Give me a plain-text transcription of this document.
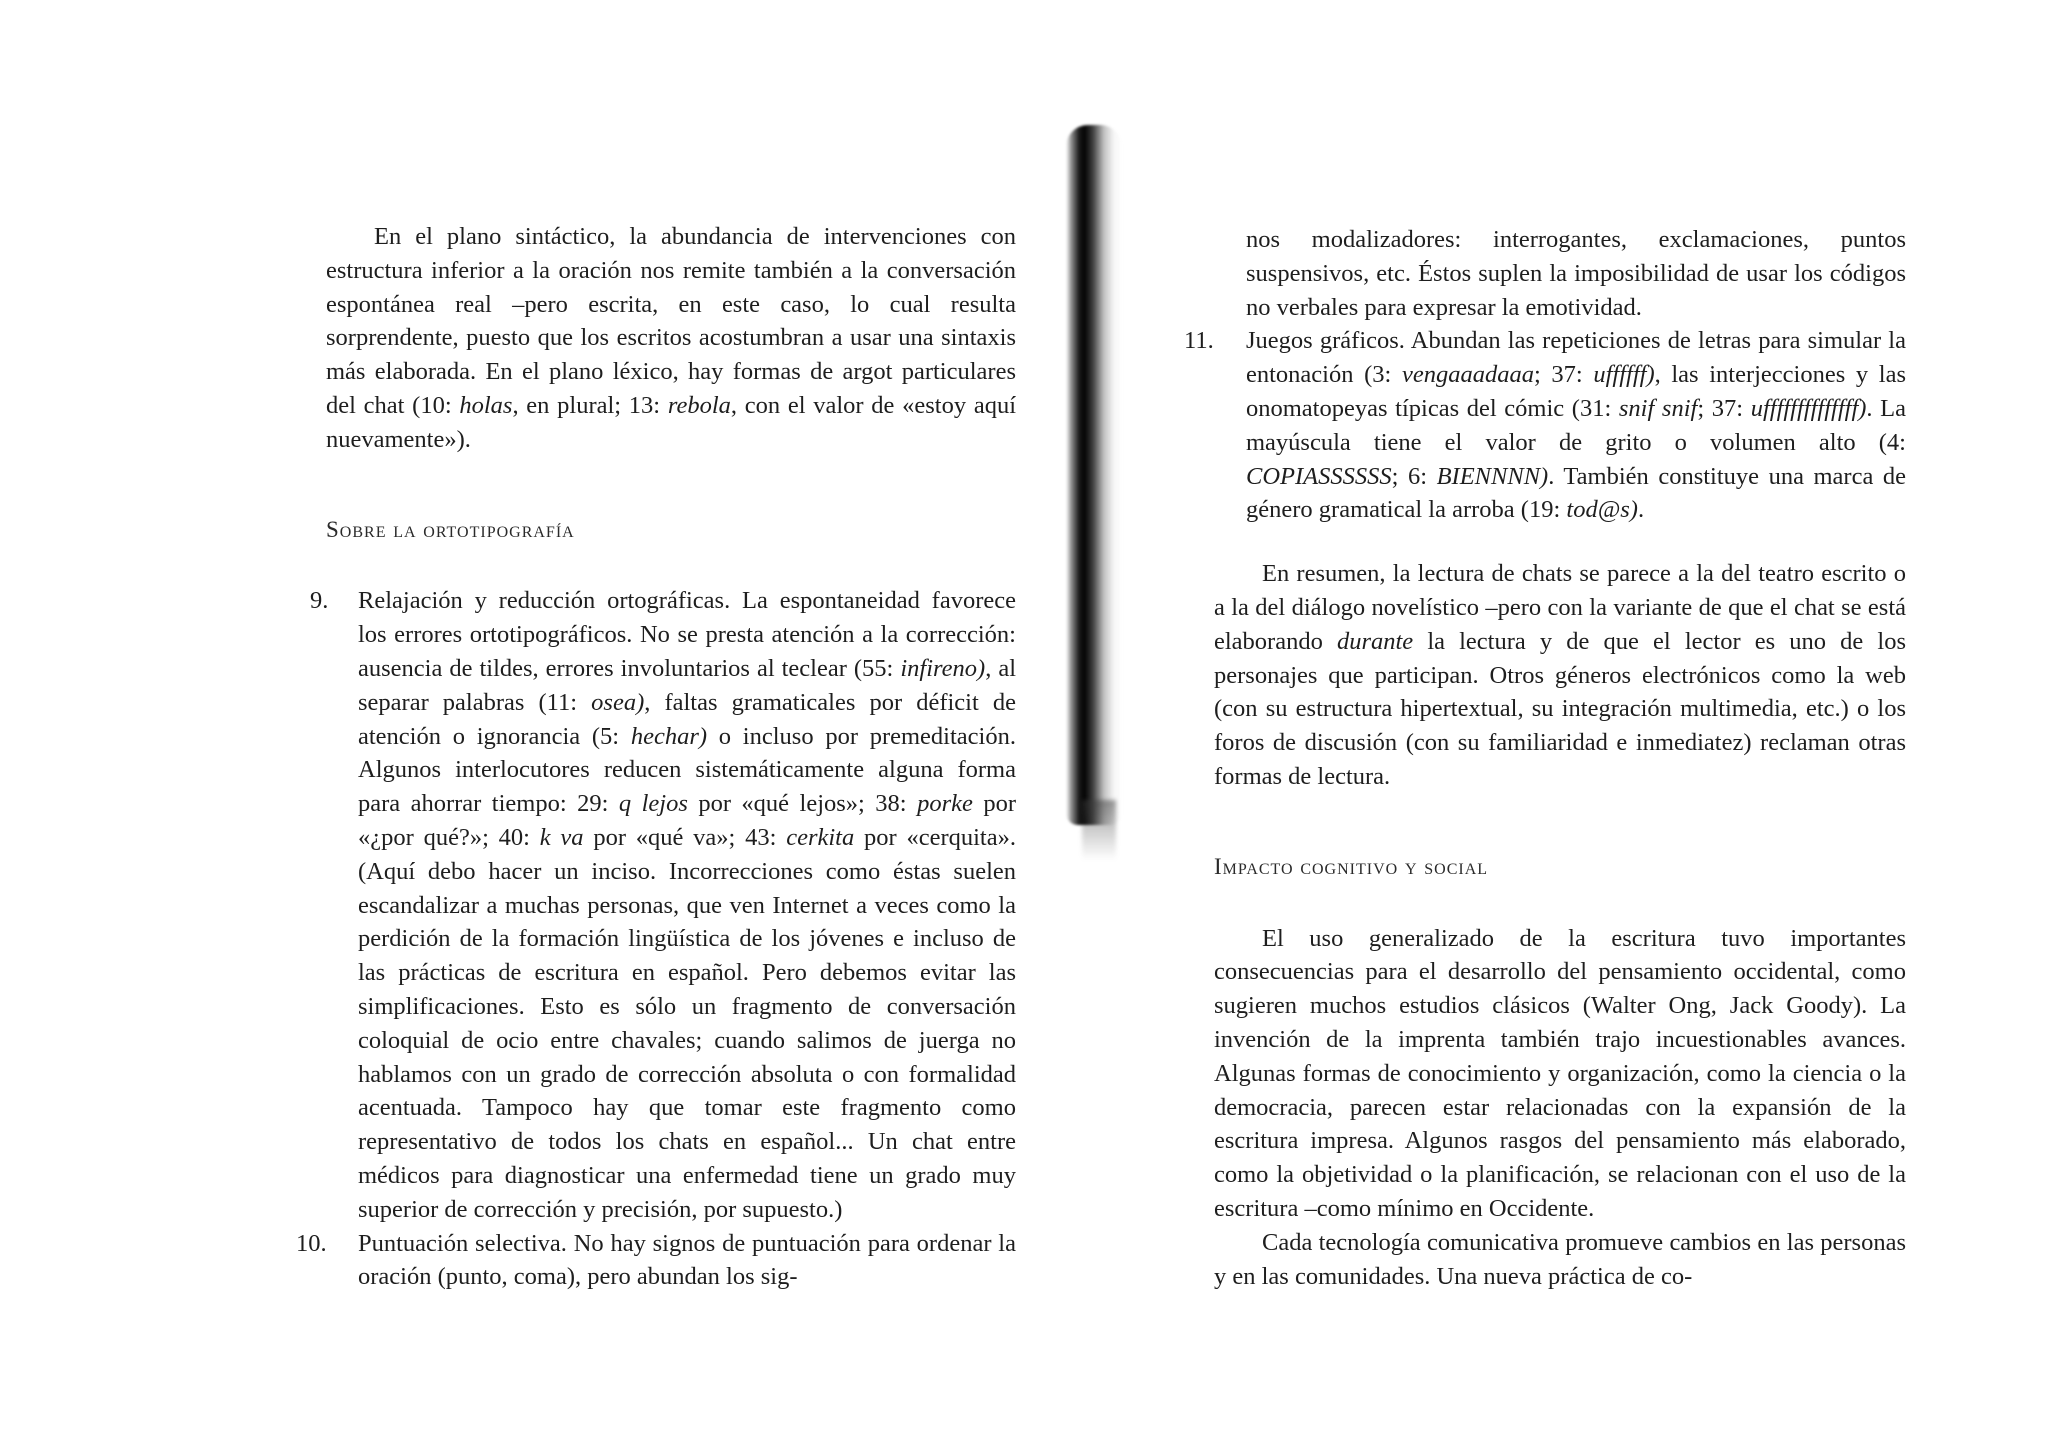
En el plano sintáctico, la abundancia de intervenciones con estructura inferior a la oración nos remite también a la conversación espontánea real –pero escrita, en este caso, lo cual resulta sorprendente, puesto que los escritos acostumbran a usar una sintaxis más elaborada. En el plano léxico, hay formas de argot particulares del chat (10: holas, en plural; 13: rebola, con el valor de «estoy aquí nuevamente»).

Sobre la ortotipografía

9. Relajación y reducción ortográficas. La espontaneidad favorece los errores ortotipográficos. No se presta atención a la corrección: ausencia de tildes, errores involuntarios al teclear (55: infireno), al separar palabras (11: osea), faltas gramaticales por déficit de atención o ignorancia (5: hechar) o incluso por premeditación. Algunos interlocutores reducen sistemáticamente alguna forma para ahorrar tiempo: 29: q lejos por «qué lejos»; 38: porke por «¿por qué?»; 40: k va por «qué va»; 43: cerkita por «cerquita». (Aquí debo hacer un inciso. Incorrecciones como éstas suelen escandalizar a muchas personas, que ven Internet a veces como la perdición de la formación lingüística de los jóvenes e incluso de las prácticas de escritura en español. Pero debemos evitar las simplificaciones. Esto es sólo un fragmento de conversación coloquial de ocio entre chavales; cuando salimos de juerga no hablamos con un grado de corrección absoluta o con formalidad acentuada. Tampoco hay que tomar este fragmento como representativo de todos los chats en español... Un chat entre médicos para diagnosticar una enfermedad tiene un grado muy superior de corrección y precisión, por supuesto.)

10. Puntuación selectiva. No hay signos de puntuación para ordenar la oración (punto, coma), pero abundan los sig-

nos modalizadores: interrogantes, exclamaciones, puntos suspensivos, etc. Éstos suplen la imposibilidad de usar los códigos no verbales para expresar la emotividad.

11. Juegos gráficos. Abundan las repeticiones de letras para simular la entonación (3: vengaaadaaa; 37: uffffff), las interjecciones y las onomatopeyas típicas del cómic (31: snif snif; 37: uffffffffffffff). La mayúscula tiene el valor de grito o volumen alto (4: COPIASSSSSS; 6: BIENNNN). También constituye una marca de género gramatical la arroba (19: tod@s).

En resumen, la lectura de chats se parece a la del teatro escrito o a la del diálogo novelístico –pero con la variante de que el chat se está elaborando durante la lectura y de que el lector es uno de los personajes que participan. Otros géneros electrónicos como la web (con su estructura hipertextual, su integración multimedia, etc.) o los foros de discusión (con su familiaridad e inmediatez) reclaman otras formas de lectura.

Impacto cognitivo y social

El uso generalizado de la escritura tuvo importantes consecuencias para el desarrollo del pensamiento occidental, como sugieren muchos estudios clásicos (Walter Ong, Jack Goody). La invención de la imprenta también trajo incuestionables avances. Algunas formas de conocimiento y organización, como la ciencia o la democracia, parecen estar relacionadas con la expansión de la escritura impresa. Algunos rasgos del pensamiento más elaborado, como la objetividad o la planificación, se relacionan con el uso de la escritura –como mínimo en Occidente.

Cada tecnología comunicativa promueve cambios en las personas y en las comunidades. Una nueva práctica de co-
